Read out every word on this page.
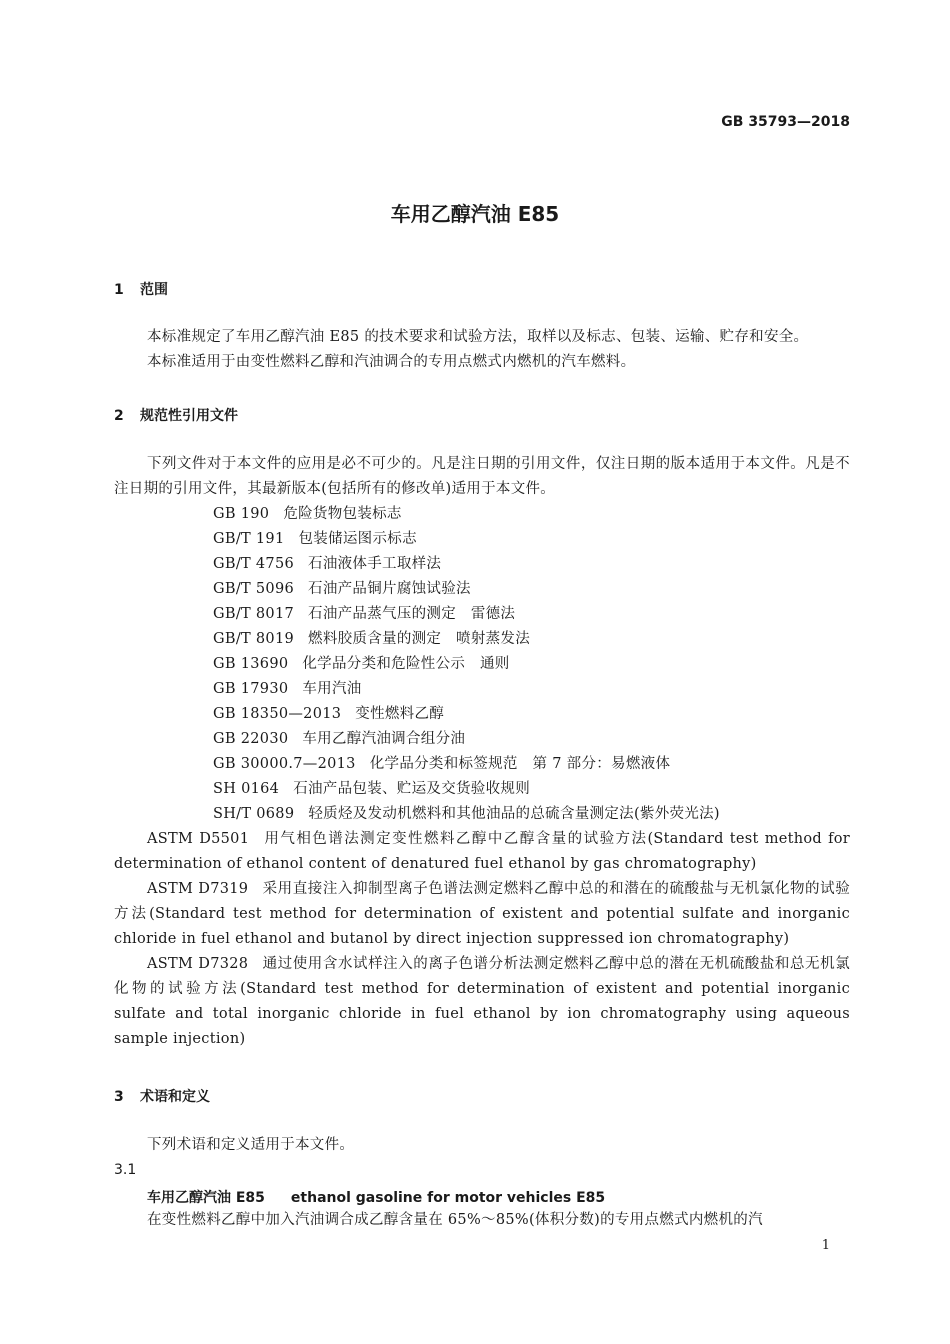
GB 35793—2018
车用乙醇汽油 E85
1 范围

本标准规定了车用乙醇汽油 E85 的技术要求和试验方法，取样以及标志、包装、运输、贮存和安全。

本标准适用于由变性燃料乙醇和汽油调合的专用点燃式内燃机的汽车燃料。

2 规范性引用文件

下列文件对于本文件的应用是必不可少的。凡是注日期的引用文件，仅注日期的版本适用于本文件。凡是不注日期的引用文件，其最新版本(包括所有的修改单)适用于本文件。

GB 190 危险货物包装标志

GB/T 191 包装储运图示标志

GB/T 4756 石油液体手工取样法

GB/T 5096 石油产品铜片腐蚀试验法

GB/T 8017 石油产品蒸气压的测定　雷德法

GB/T 8019 燃料胶质含量的测定　喷射蒸发法

GB 13690 化学品分类和危险性公示　通则

GB 17930 车用汽油

GB 18350—2013 变性燃料乙醇

GB 22030 车用乙醇汽油调合组分油

GB 30000.7—2013 化学品分类和标签规范　第 7 部分：易燃液体

SH 0164 石油产品包装、贮运及交货验收规则

SH/T 0689 轻质烃及发动机燃料和其他油品的总硫含量测定法(紫外荧光法)

ASTM D5501 用气相色谱法测定变性燃料乙醇中乙醇含量的试验方法(Standard test method for determination of ethanol content of denatured fuel ethanol by gas chromatography)

ASTM D7319 采用直接注入抑制型离子色谱法测定燃料乙醇中总的和潜在的硫酸盐与无机氯化物的试验方法(Standard test method for determination of existent and potential sulfate and inorganic chloride in fuel ethanol and butanol by direct injection suppressed ion chromatography)

ASTM D7328 通过使用含水试样注入的离子色谱分析法测定燃料乙醇中总的潜在无机硫酸盐和总无机氯化物的试验方法(Standard test method for determination of existent and potential inorganic sulfate and total inorganic chloride in fuel ethanol by ion chromatography using aqueous sample injection)

3 术语和定义

下列术语和定义适用于本文件。

3.1
车用乙醇汽油 E85 ethanol gasoline for motor vehicles E85

在变性燃料乙醇中加入汽油调合成乙醇含量在 65%～85%(体积分数)的专用点燃式内燃机的汽

1
